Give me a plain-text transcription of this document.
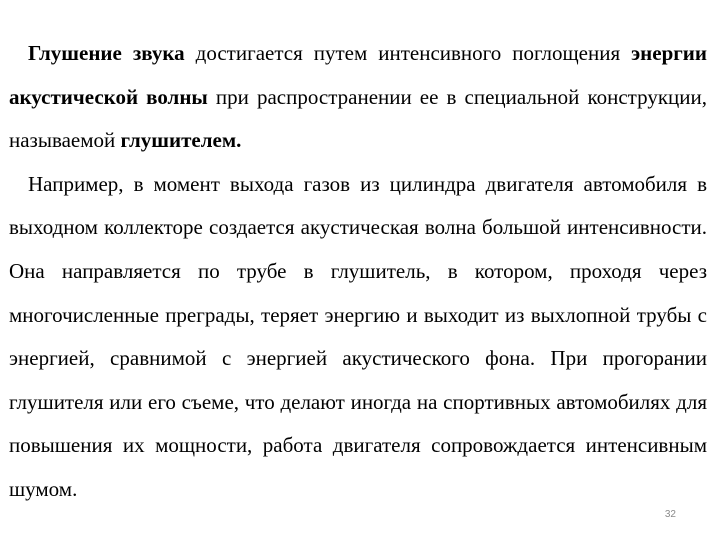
Глушение звука достигается путем интенсивного поглощения энергии акустической волны при распространении ее в специальной конструкции, называемой глушителем.

Например, в момент выхода газов из цилиндра двигателя автомобиля в выходном коллекторе создается акустическая волна большой интенсивности. Она направляется по трубе в глушитель, в котором, проходя через многочисленные преграды, теряет энергию и выходит из выхлопной трубы с энергией, сравнимой с энергией акустического фона. При прогорании глушителя или его съеме, что делают иногда на спортивных автомобилях для повышения их мощности, работа двигателя сопровождается интенсивным шумом.

32
